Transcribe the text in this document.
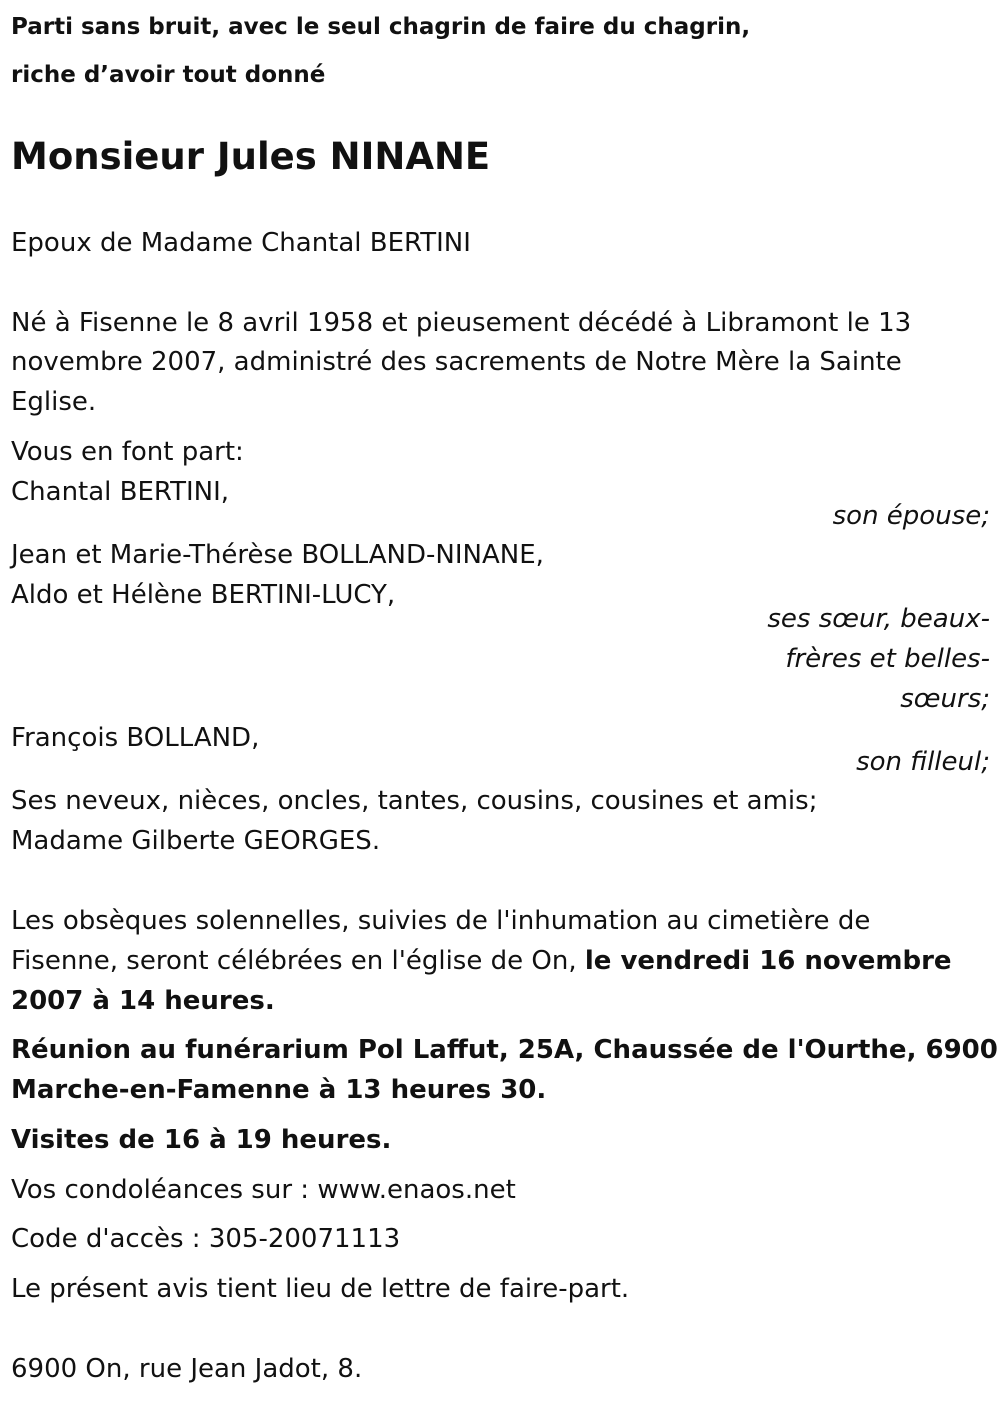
Parti sans bruit, avec le seul chagrin de faire du chagrin,
riche d’avoir tout donné
Monsieur Jules NINANE
Epoux de Madame Chantal BERTINI
Né à Fisenne le 8 avril 1958 et pieusement décédé à Libramont le 13
novembre 2007, administré des sacrements de Notre Mère la Sainte
Eglise.
Vous en font part:
Chantal BERTINI,
son épouse;
Jean et Marie-Thérèse BOLLAND-NINANE,
Aldo et Hélène BERTINI-LUCY,
ses sœur, beaux-
frères et belles-
sœurs;
François BOLLAND,
son filleul;
Ses neveux, nièces, oncles, tantes, cousins, cousines et amis;
Madame Gilberte GEORGES.
Les obsèques solennelles, suivies de l'inhumation au cimetière de
Fisenne, seront célébrées en l'église de On, le vendredi 16 novembre
2007 à 14 heures.
Réunion au funérarium Pol Laffut, 25A, Chaussée de l'Ourthe, 6900
Marche-en-Famenne à 13 heures 30.
Visites de 16 à 19 heures.
Vos condoléances sur : www.enaos.net
Code d'accès : 305-20071113
Le présent avis tient lieu de lettre de faire-part.
6900 On, rue Jean Jadot, 8.
